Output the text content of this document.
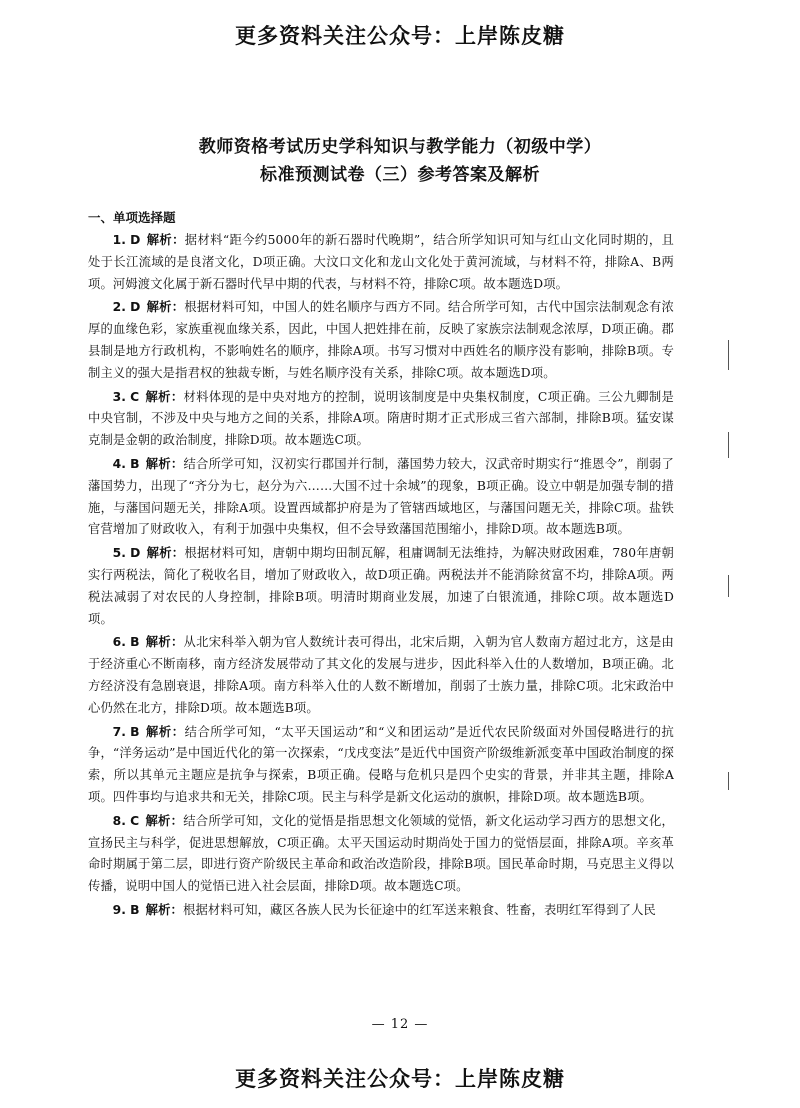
更多资料关注公众号：上岸陈皮糖
教师资格考试历史学科知识与教学能力（初级中学）
标准预测试卷（三）参考答案及解析
一、单项选择题

1. D 解析：据材料“距今约5000年的新石器时代晚期”，结合所学知识可知与红山文化同时期的，且处于长江流域的是良渚文化，D项正确。大汶口文化和龙山文化处于黄河流域，与材料不符，排除A、B两项。河姆渡文化属于新石器时代早中期的代表，与材料不符，排除C项。故本题选D项。

2. D 解析：根据材料可知，中国人的姓名顺序与西方不同。结合所学可知，古代中国宗法制观念有浓厚的血缘色彩，家族重视血缘关系，因此，中国人把姓排在前，反映了家族宗法制观念浓厚，D项正确。郡县制是地方行政机构，不影响姓名的顺序，排除A项。书写习惯对中西姓名的顺序没有影响，排除B项。专制主义的强大是指君权的独裁专断，与姓名顺序没有关系，排除C项。故本题选D项。

3. C 解析：材料体现的是中央对地方的控制，说明该制度是中央集权制度，C项正确。三公九卿制是中央官制，不涉及中央与地方之间的关系，排除A项。隋唐时期才正式形成三省六部制，排除B项。猛安谋克制是金朝的政治制度，排除D项。故本题选C项。

4. B 解析：结合所学可知，汉初实行郡国并行制，藩国势力较大，汉武帝时期实行“推恩令”，削弱了藩国势力，出现了“齐分为七，赵分为六……大国不过十余城”的现象，B项正确。设立中朝是加强专制的措施，与藩国问题无关，排除A项。设置西域都护府是为了管辖西域地区，与藩国问题无关，排除C项。盐铁官营增加了财政收入，有利于加强中央集权，但不会导致藩国范围缩小，排除D项。故本题选B项。

5. D 解析：根据材料可知，唐朝中期均田制瓦解，租庸调制无法维持，为解决财政困难，780年唐朝实行两税法，简化了税收名目，增加了财政收入，故D项正确。两税法并不能消除贫富不均，排除A项。两税法减弱了对农民的人身控制，排除B项。明清时期商业发展，加速了白银流通，排除C项。故本题选D项。

6. B 解析：从北宋科举入朝为官人数统计表可得出，北宋后期，入朝为官人数南方超过北方，这是由于经济重心不断南移，南方经济发展带动了其文化的发展与进步，因此科举入仕的人数增加，B项正确。北方经济没有急剧衰退，排除A项。南方科举入仕的人数不断增加，削弱了士族力量，排除C项。北宋政治中心仍然在北方，排除D项。故本题选B项。

7. B 解析：结合所学可知，“太平天国运动”和“义和团运动”是近代农民阶级面对外国侵略进行的抗争，“洋务运动”是中国近代化的第一次探索，“戊戌变法”是近代中国资产阶级维新派变革中国政治制度的探索，所以其单元主题应是抗争与探索，B项正确。侵略与危机只是四个史实的背景，并非其主题，排除A项。四件事均与追求共和无关，排除C项。民主与科学是新文化运动的旗帜，排除D项。故本题选B项。

8. C 解析：结合所学可知，文化的觉悟是指思想文化领域的觉悟，新文化运动学习西方的思想文化，宣扬民主与科学，促进思想解放，C项正确。太平天国运动时期尚处于国力的觉悟层面，排除A项。辛亥革命时期属于第二层，即进行资产阶级民主革命和政治改造阶段，排除B项。国民革命时期，马克思主义得以传播，说明中国人的觉悟已进入社会层面，排除D项。故本题选C项。

9. B 解析：根据材料可知，藏区各族人民为长征途中的红军送来粮食、牲畜，表明红军得到了人民

— 12 —
更多资料关注公众号：上岸陈皮糖
